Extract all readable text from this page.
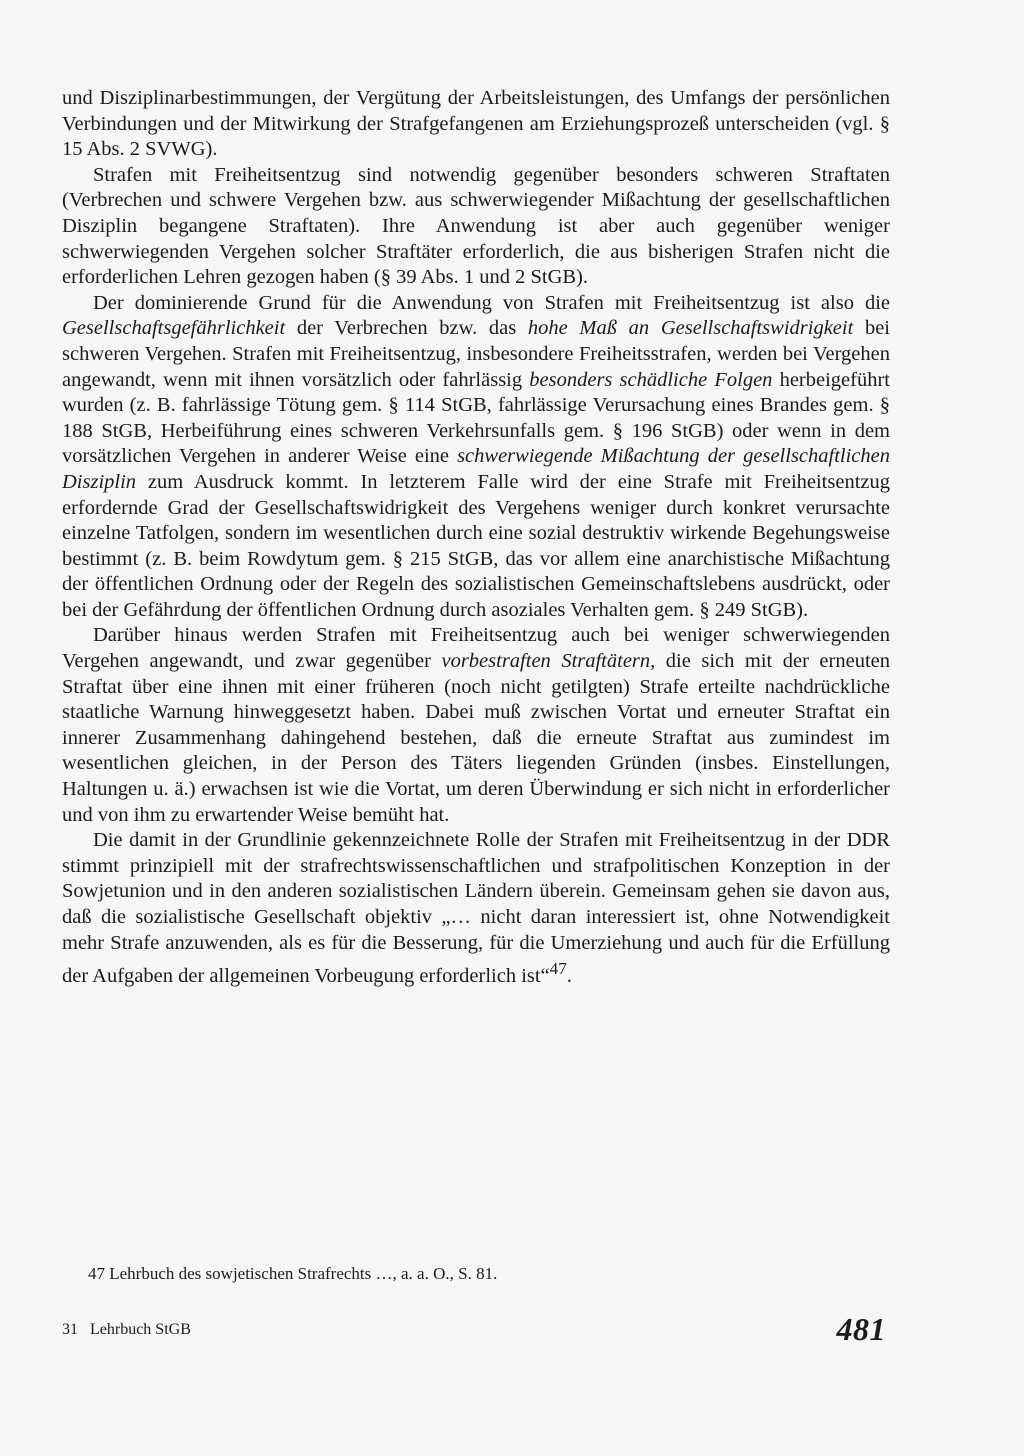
und Disziplinarbestimmungen, der Vergütung der Arbeitsleistungen, des Umfangs der persönlichen Verbindungen und der Mitwirkung der Strafgefangenen am Erziehungsprozeß unterscheiden (vgl. § 15 Abs. 2 SVWG).

Strafen mit Freiheitsentzug sind notwendig gegenüber besonders schweren Straftaten (Verbrechen und schwere Vergehen bzw. aus schwerwiegender Mißachtung der gesellschaftlichen Disziplin begangene Straftaten). Ihre Anwendung ist aber auch gegenüber weniger schwerwiegenden Vergehen solcher Straftäter erforderlich, die aus bisherigen Strafen nicht die erforderlichen Lehren gezogen haben (§ 39 Abs. 1 und 2 StGB).

Der dominierende Grund für die Anwendung von Strafen mit Freiheitsentzug ist also die Gesellschaftsgefährlichkeit der Verbrechen bzw. das hohe Maß an Gesellschaftswidrigkeit bei schweren Vergehen. Strafen mit Freiheitsentzug, insbesondere Freiheitsstrafen, werden bei Vergehen angewandt, wenn mit ihnen vorsätzlich oder fahrlässig besonders schädliche Folgen herbeigeführt wurden (z. B. fahrlässige Tötung gem. § 114 StGB, fahrlässige Verursachung eines Brandes gem. § 188 StGB, Herbeiführung eines schweren Verkehrsunfalls gem. § 196 StGB) oder wenn in dem vorsätzlichen Vergehen in anderer Weise eine schwerwiegende Mißachtung der gesellschaftlichen Disziplin zum Ausdruck kommt. In letzterem Falle wird der eine Strafe mit Freiheitsentzug erfordernde Grad der Gesellschaftswidrigkeit des Vergehens weniger durch konkret verursachte einzelne Tatfolgen, sondern im wesentlichen durch eine sozial destruktiv wirkende Begehungsweise bestimmt (z. B. beim Rowdytum gem. § 215 StGB, das vor allem eine anarchistische Mißachtung der öffentlichen Ordnung oder der Regeln des sozialistischen Gemeinschaftslebens ausdrückt, oder bei der Gefährdung der öffentlichen Ordnung durch asoziales Verhalten gem. § 249 StGB).

Darüber hinaus werden Strafen mit Freiheitsentzug auch bei weniger schwerwiegenden Vergehen angewandt, und zwar gegenüber vorbestraften Straftätern, die sich mit der erneuten Straftat über eine ihnen mit einer früheren (noch nicht getilgten) Strafe erteilte nachdrückliche staatliche Warnung hinweggesetzt haben. Dabei muß zwischen Vortat und erneuter Straftat ein innerer Zusammenhang dahingehend bestehen, daß die erneute Straftat aus zumindest im wesentlichen gleichen, in der Person des Täters liegenden Gründen (insbes. Einstellungen, Haltungen u. ä.) erwachsen ist wie die Vortat, um deren Überwindung er sich nicht in erforderlicher und von ihm zu erwartender Weise bemüht hat.

Die damit in der Grundlinie gekennzeichnete Rolle der Strafen mit Freiheitsentzug in der DDR stimmt prinzipiell mit der strafrechtswissenschaftlichen und strafpolitischen Konzeption in der Sowjetunion und in den anderen sozialistischen Ländern überein. Gemeinsam gehen sie davon aus, daß die sozialistische Gesellschaft objektiv „… nicht daran interessiert ist, ohne Notwendigkeit mehr Strafe anzuwenden, als es für die Besserung, für die Umerziehung und auch für die Erfüllung der Aufgaben der allgemeinen Vorbeugung erforderlich ist“$^{47}$.

47 Lehrbuch des sowjetischen Strafrechts …, a. a. O., S. 81.

31 Lehrbuch StGB	481
